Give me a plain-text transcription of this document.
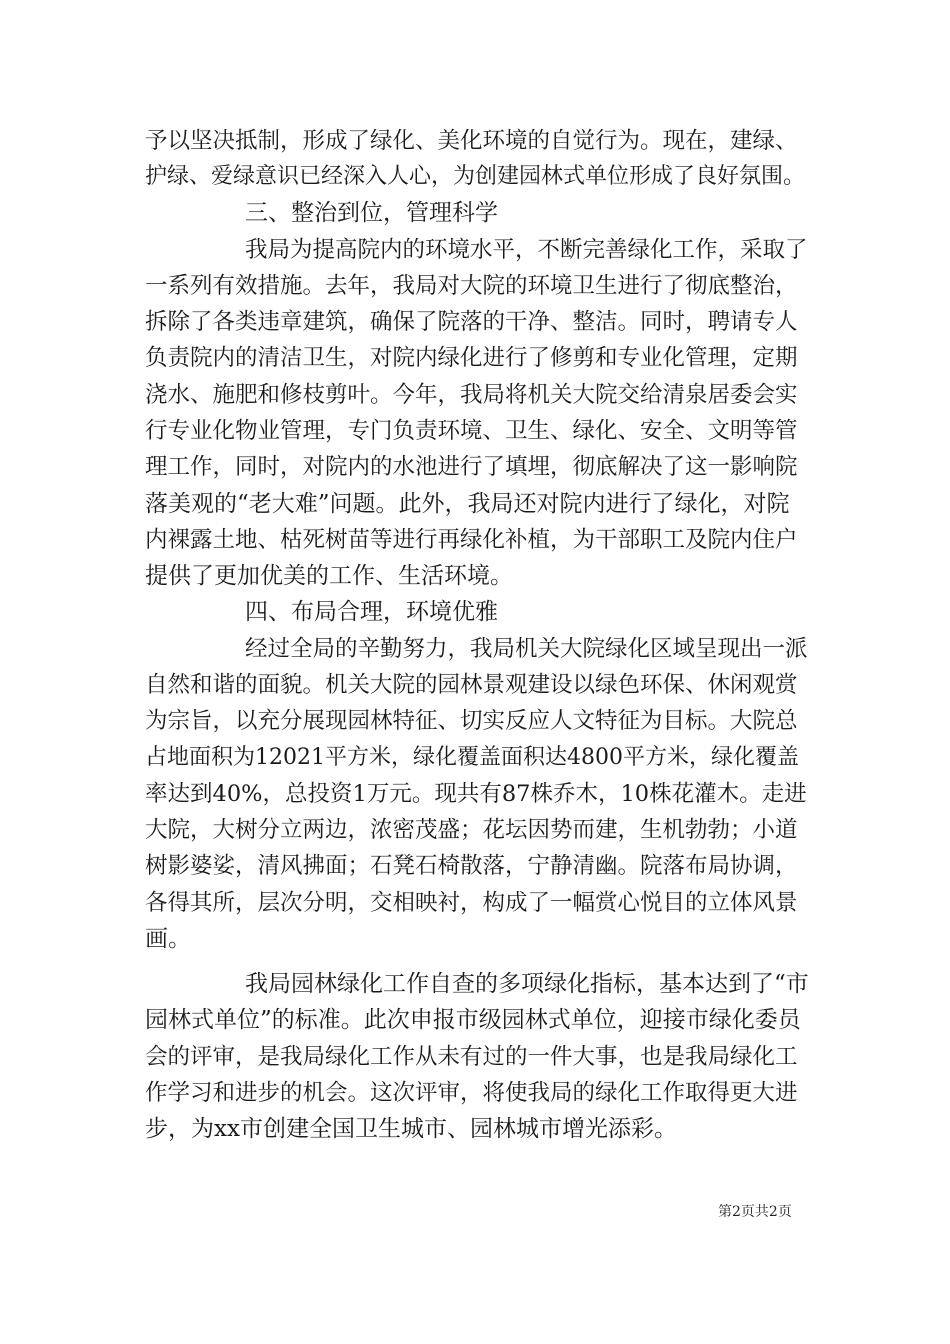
予以坚决抵制，形成了绿化、美化环境的自觉行为。现在，建绿、
护绿、爱绿意识已经深入人心，为创建园林式单位形成了良好氛围。
三、整治到位，管理科学
我局为提高院内的环境水平，不断完善绿化工作，采取了
一系列有效措施。去年，我局对大院的环境卫生进行了彻底整治，
拆除了各类违章建筑，确保了院落的干净、整洁。同时，聘请专人
负责院内的清洁卫生，对院内绿化进行了修剪和专业化管理，定期
浇水、施肥和修枝剪叶。今年，我局将机关大院交给清泉居委会实
行专业化物业管理，专门负责环境、卫生、绿化、安全、文明等管
理工作，同时，对院内的水池进行了填埋，彻底解决了这一影响院
落美观的“老大难”问题。此外，我局还对院内进行了绿化，对院
内裸露土地、枯死树苗等进行再绿化补植，为干部职工及院内住户
提供了更加优美的工作、生活环境。
四、布局合理，环境优雅
经过全局的辛勤努力，我局机关大院绿化区域呈现出一派
自然和谐的面貌。机关大院的园林景观建设以绿色环保、休闲观赏
为宗旨，以充分展现园林特征、切实反应人文特征为目标。大院总
占地面积为12021平方米，绿化覆盖面积达4800平方米，绿化覆盖
率达到40%，总投资1万元。现共有87株乔木，10株花灌木。走进
大院，大树分立两边，浓密茂盛；花坛因势而建，生机勃勃；小道
树影婆娑，清风拂面；石凳石椅散落，宁静清幽。院落布局协调，
各得其所，层次分明，交相映衬，构成了一幅赏心悦目的立体风景
画。
我局园林绿化工作自查的多项绿化指标，基本达到了“市
园林式单位”的标准。此次申报市级园林式单位，迎接市绿化委员
会的评审，是我局绿化工作从未有过的一件大事，也是我局绿化工
作学习和进步的机会。这次评审，将使我局的绿化工作取得更大进
步，为xx市创建全国卫生城市、园林城市增光添彩。
第2页共2页
